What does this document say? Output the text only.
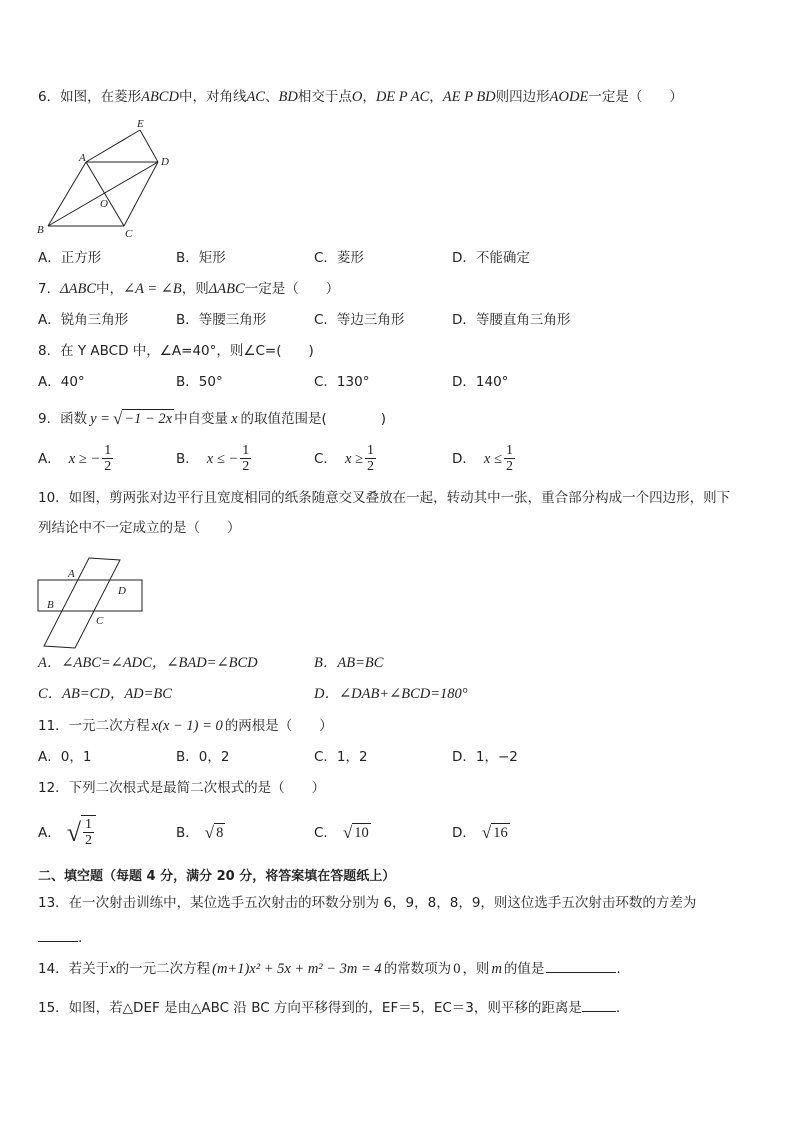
6．如图，在菱形ABCD中，对角线AC、BD相交于点O，DE P AC，AE P BD则四边形AODE一定是（　　）
E
A	D
O
B	C
A．正方形	B．矩形	C．菱形	D．不能确定
7．ΔABC中，∠A = ∠B，则ΔABC一定是（　　）
A．锐角三角形	B．等腰三角形	C．等边三角形	D．等腰直角三角形
8．在 Y ABCD 中，∠A=40°，则∠C=(　　)
A．40°	B．50°	C．130°	D．140°
9．函数 y = √ −1 − 2x 中自变量 x 的取值范围是(　　　　)
A． x ≥ − $\frac{1}{2}$	B． x ≤ − $\frac{1}{2}$	C． $x \ge \frac{1}{2}$	D． $x \le \frac{1}{2}$
10．如图，剪两张对边平行且宽度相同的纸条随意交叉叠放在一起，转动其中一张，重合部分构成一个四边形，则下
列结论中不一定成立的是（　　）
A
D
B
C
A．∠ABC=∠ADC，∠BAD=∠BCD	B．AB=BC
C．AB=CD，AD=BC	D．∠DAB+∠BCD=180°
11．一元二次方程 x(x − 1) = 0 的两根是（　　）
A．0，1	B．0，2	C．1，2	D．1，−2
12．下列二次根式是最简二次根式的是（　　）
A． √ $\frac{1}{2}$	B． √ 8	C． √ 10	D． √ 16
二、填空题（每题 4 分，满分 20 分，将答案填在答题纸上）
13．在一次射击训练中，某位选手五次射击的环数分别为 6，9，8，8，9，则这位选手五次射击环数的方差为
.
14．若关于x的一元二次方程 (m+1)x² + 5x + m² − 3m = 4 的常数项为 0 ，则 m 的值是	.
15．如图，若△DEF 是由△ABC 沿 BC 方向平移得到的，EF＝5，EC＝3，则平移的距离是	.
